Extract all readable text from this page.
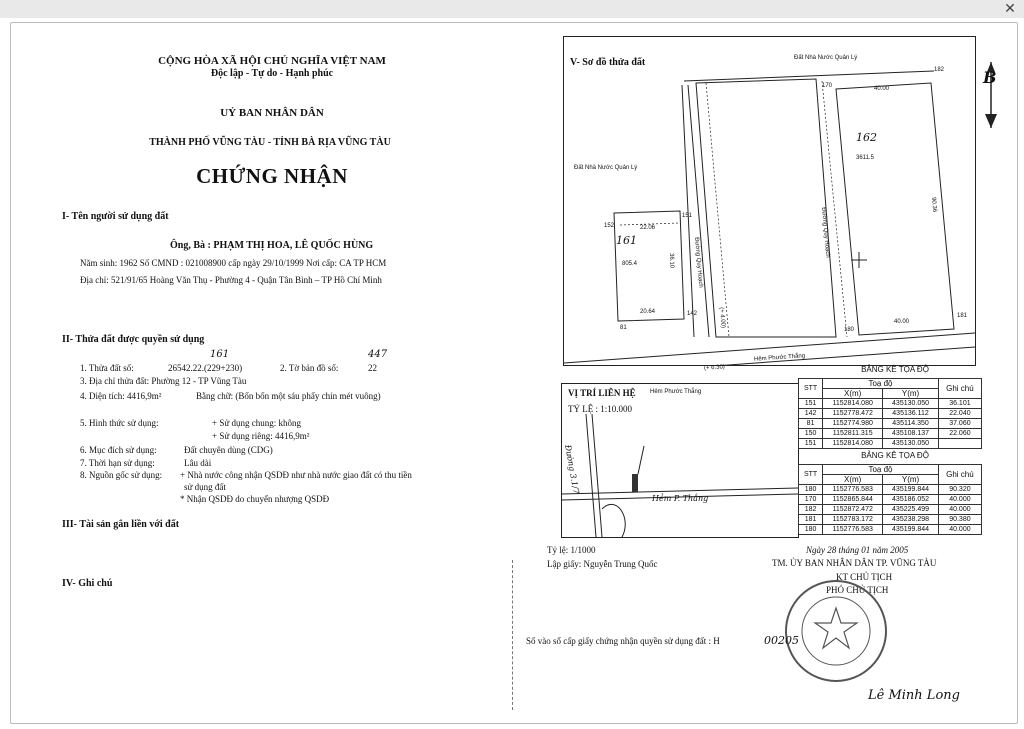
✕
CỘNG HÒA XÃ HỘI CHỦ NGHĨA VIỆT NAM
Độc lập - Tự do - Hạnh phúc
UỶ BAN NHÂN DÂN
THÀNH PHỐ VŨNG TÀU - TỈNH BÀ RỊA VŨNG TÀU
CHỨNG NHẬN
I- Tên người sử dụng đất
Ông, Bà : PHẠM THỊ HOA, LÊ QUỐC HÙNG
Năm sinh: 1962 Số CMND : 021008900 cấp ngày 29/10/1999 Nơi cấp: CA TP HCM
Địa chỉ: 521/91/65 Hoàng Văn Thụ - Phường 4 - Quận Tân Bình – TP Hồ Chí Minh
II- Thửa đất được quyền sử dụng
1. Thửa đất số:	26542.22.(229+230)
161
2. Tờ bản đồ số:	22
447
3. Địa chỉ thửa đất: Phường 12 - TP Vũng Tàu
4. Diện tích: 4416,9m²	Bằng chữ: (Bốn bốn một sáu phẩy chín mét vuông)
5. Hình thức sử dụng:	+ Sử dụng chung: không
+ Sử dụng riêng: 4416,9m²
6. Mục đích sử dụng:	Đất chuyên dùng (CDG)
7. Thời hạn sử dụng:	Lâu dài
8. Nguồn gốc sử dụng: + Nhà nước công nhận QSDĐ như nhà nước giao đất có thu tiền
sử dụng đất
* Nhận QSDĐ do chuyển nhượng QSDĐ
III- Tài sản gắn liền với đất
IV- Ghi chú
V- Sơ đồ thửa đất	Đất Nhà Nước Quản Lý
Đất Nhà Nước Quản Lý
161
805.4
162
3611.5
Đường Quy Hoạch
Đường Quy Hoạch
Hẻm Phước Thắng
(+ 6.30)
(+ 4.00)
40.00
40.00
90.36
22.06
20.64
36.10
170
182
152
151
142
81	180
181
B
VỊ TRÍ LIÊN HỆ
TỶ LỆ : 1:10.000
Hẻm Phước Thắng
Hẻm P. Thắng
Đường 3.1/7
BẢNG KÊ TỌA ĐỘ
STT	Toạ độ		Ghi chú
	X(m)	Y(m)	
151	1152814.080	435130.050	36.101
142	1152778.472	435136.112	22.040
81	1152774.980	435114.350	37.060
150	1152811.315	435108.137	22.060
151	1152814.080	435130.050	
BẢNG KÊ TỌA ĐỘ
STT	Toạ độ		Ghi chú
	X(m)	Y(m)	
180	1152776.583	435199.844	90.320
170	1152865.844	435186.052	40.000
182	1152872.472	435225.499	40.000
181	1152783.172	435238.298	90.380
180	1152776.583	435199.844	40.000
Tỷ lệ: 1/1000
Lập giấy: Nguyễn Trung Quốc
Ngày 28 tháng 01 năm 2005
TM. ỦY BAN NHÂN DÂN TP. VŨNG TÀU
KT CHỦ TỊCH
PHÓ CHỦ TỊCH
Số vào sổ cấp giấy chứng nhận quyền sử dụng đất : H	00205
Lê Minh Long
